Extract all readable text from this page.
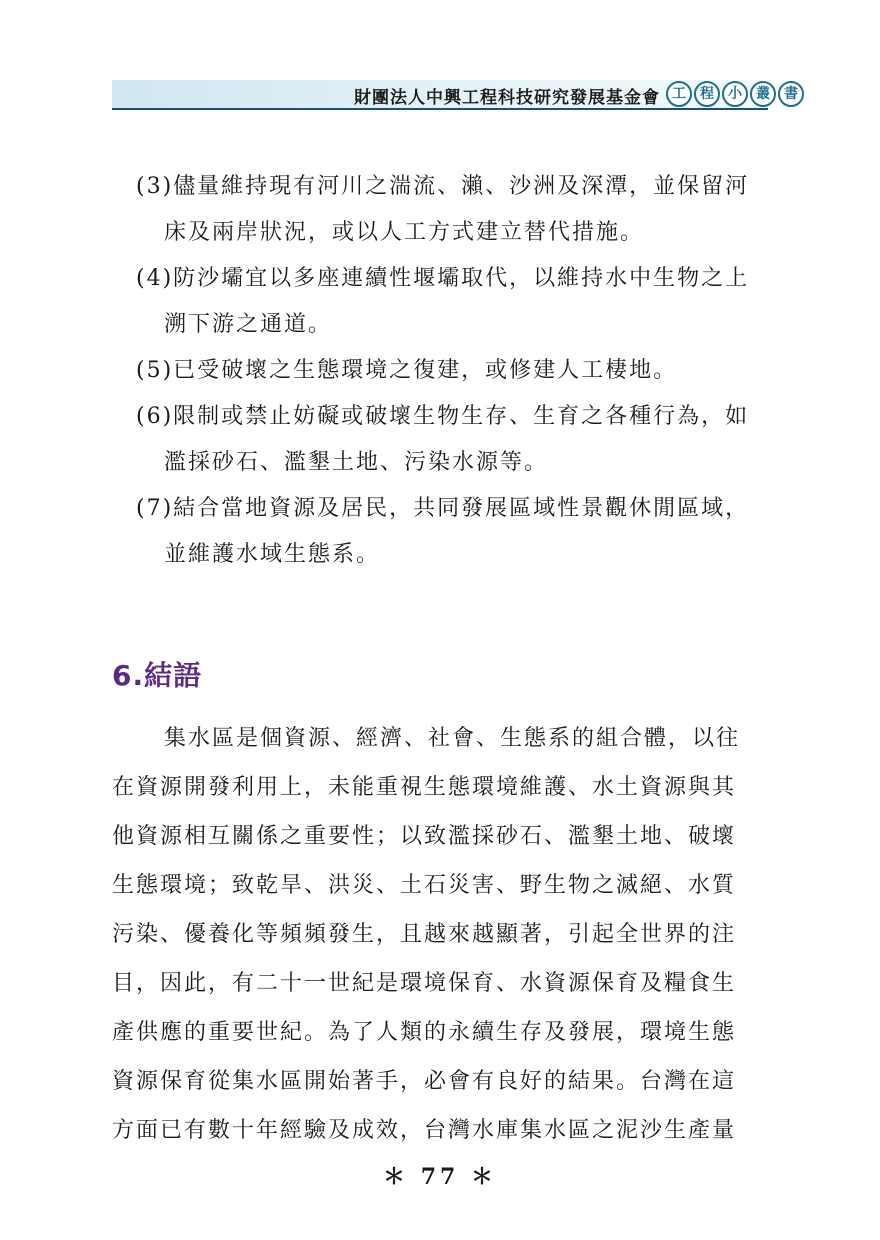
財團法人中興工程科技研究發展基金會 工	程	小	叢	書
(3)儘量維持現有河川之湍流、瀨、沙洲及深潭，並保留河
床及兩岸狀況，或以人工方式建立替代措施。
(4)防沙壩宜以多座連續性堰壩取代，以維持水中生物之上
溯下游之通道。
(5)已受破壞之生態環境之復建，或修建人工棲地。
(6)限制或禁止妨礙或破壞生物生存、生育之各種行為，如
濫採砂石、濫墾土地、污染水源等。
(7)結合當地資源及居民，共同發展區域性景觀休閒區域，
並維護水域生態系。
6.結語
集水區是個資源、經濟、社會、生態系的組合體，以往
在資源開發利用上，未能重視生態環境維護、水土資源與其
他資源相互關係之重要性；以致濫採砂石、濫墾土地、破壞
生態環境；致乾旱、洪災、土石災害、野生物之滅絕、水質
污染、優養化等頻頻發生，且越來越顯著，引起全世界的注
目，因此，有二十一世紀是環境保育、水資源保育及糧食生
產供應的重要世紀。為了人類的永續生存及發展，環境生態
資源保育從集水區開始著手，必會有良好的結果。台灣在這
方面已有數十年經驗及成效，台灣水庫集水區之泥沙生產量
＊ 77 ＊
